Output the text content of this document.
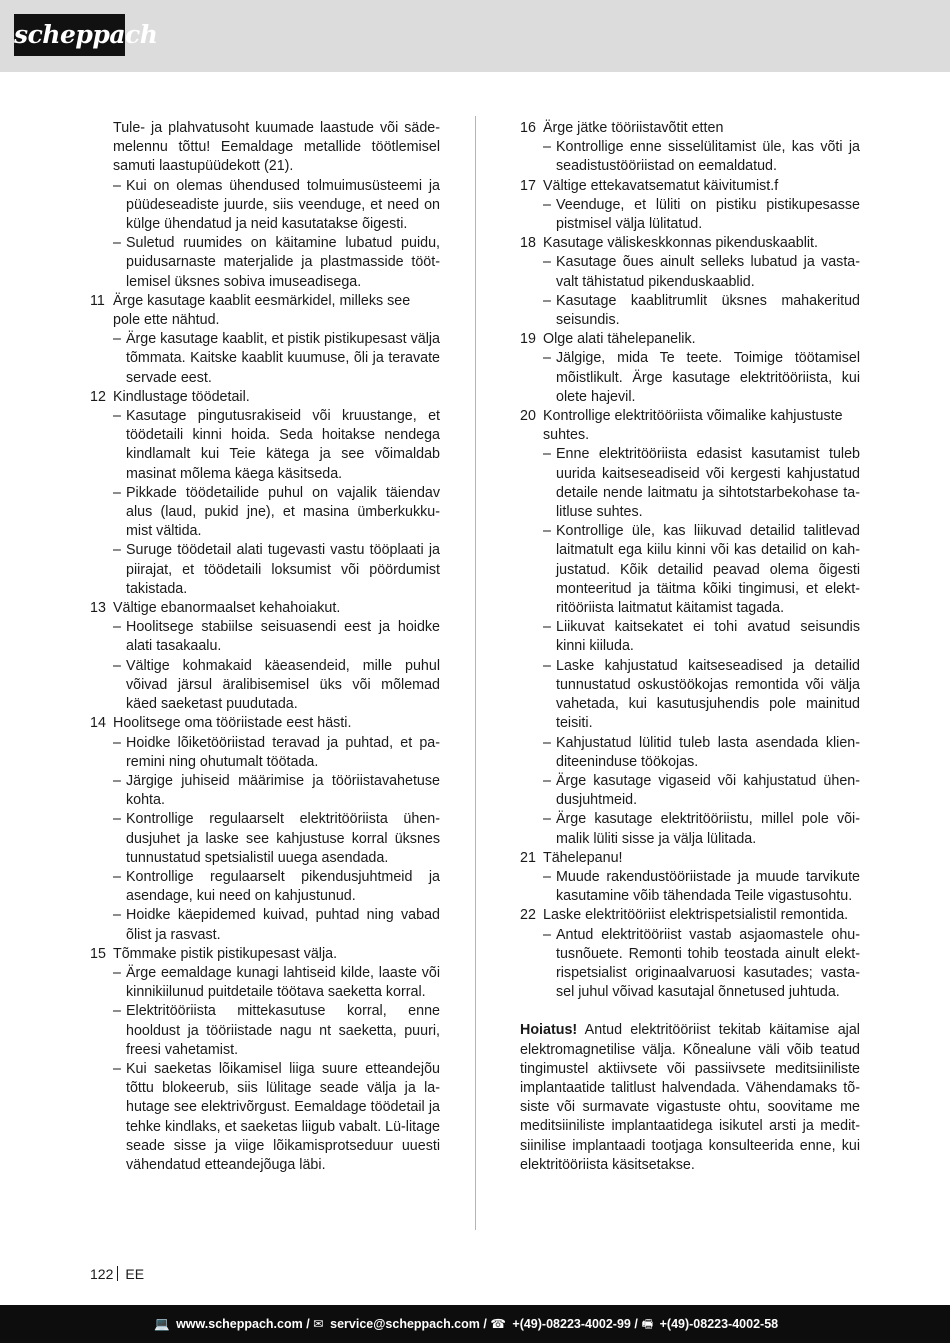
scheppach

Tule- ja plahvatusoht kuumade laastude või säde-melennu tõttu! Eemaldage metallide töötlemisel samuti laastupüüdekott (21).

– Kui on olemas ühendused tolmuimusüsteemi ja püüdeseadiste juurde, siis veenduge, et need on külge ühendatud ja neid kasutatakse õigesti.

– Suletud ruumides on käitamine lubatud puidu, puidusarnaste materjalide ja plastmasside tööt-lemisel üksnes sobiva imuseadisega.

11 Ärge kasutage kaablit eesmärkidel, milleks see pole ette nähtud.

– Ärge kasutage kaablit, et pistik pistikupesast välja tõmmata. Kaitske kaablit kuumuse, õli ja teravate servade eest.

12 Kindlustage töödetail.

– Kasutage pingutusrakiseid või kruustange, et töödetaili kinni hoida. Seda hoitakse nendega kindlamalt kui Teie kätega ja see võimaldab masinat mõlema käega käsitseda.

– Pikkade töödetailide puhul on vajalik täiendav alus (laud, pukid jne), et masina ümberkukku-mist vältida.

– Suruge töödetail alati tugevasti vastu tööplaati ja piirajat, et töödetaili loksumist või pöördumist takistada.

13 Vältige ebanormaalset kehahoiakut.

– Hoolitsege stabiilse seisuasendi eest ja hoidke alati tasakaalu.

– Vältige kohmakaid käeasendeid, mille puhul võivad järsul äralibisemisel üks või mõlemad käed saeketast puudutada.

14 Hoolitsege oma tööriistade eest hästi.

– Hoidke lõiketööriistad teravad ja puhtad, et pa-remini ning ohutumalt töötada.

– Järgige juhiseid määrimise ja tööriistavahetuse kohta.

– Kontrollige regulaarselt elektritööriista ühen-dusjuhet ja laske see kahjustuse korral üksnes tunnustatud spetsialistil uuega asendada.

– Kontrollige regulaarselt pikendusjuhtmeid ja asendage, kui need on kahjustunud.

– Hoidke käepidemed kuivad, puhtad ning vabad õlist ja rasvast.

15 Tõmmake pistik pistikupesast välja.

– Ärge eemaldage kunagi lahtiseid kilde, laaste või kinnikiilunud puitdetaile töötava saeketta korral.

– Elektritööriista mittekasutuse korral, enne hooldust ja tööriistade nagu nt saeketta, puuri, freesi vahetamist.

– Kui saeketas lõikamisel liiga suure etteandejõu tõttu blokeerub, siis lülitage seade välja ja la-hutage see elektrivõrgust. Eemaldage töödetail ja tehke kindlaks, et saeketas liigub vabalt. Lü-litage seade sisse ja viige lõikamisprotseduur uuesti vähendatud etteandejõuga läbi.

16 Ärge jätke tööriistavõtit etten

– Kontrollige enne sisselülitamist üle, kas võti ja seadistustööriistad on eemaldatud.

17 Vältige ettekavatsematut käivitumist.f

– Veenduge, et lüliti on pistiku pistikupesasse pistmisel välja lülitatud.

18 Kasutage väliskeskkonnas pikenduskaablit.

– Kasutage õues ainult selleks lubatud ja vasta-valt tähistatud pikenduskaablid.

– Kasutage kaablitrumlit üksnes mahakeritud seisundis.

19 Olge alati tähelepanelik.

– Jälgige, mida Te teete. Toimige töötamisel mõistlikult. Ärge kasutage elektritööriista, kui olete hajevil.

20 Kontrollige elektritööriista võimalike kahjustuste suhtes.

– Enne elektritööriista edasist kasutamist tuleb uurida kaitseseadiseid või kergesti kahjustatud detaile nende laitmatu ja sihtotstarbekohase ta-litluse suhtes.

– Kontrollige üle, kas liikuvad detailid talitlevad laitmatult ega kiilu kinni või kas detailid on kah-justatud. Kõik detailid peavad olema õigesti monteeritud ja täitma kõiki tingimusi, et elekt-ritööriista laitmatut käitamist tagada.

– Liikuvat kaitsekatet ei tohi avatud seisundis kinni kiiluda.

– Laske kahjustatud kaitseseadised ja detailid tunnustatud oskustöökojas remontida või välja vahetada, kui kasutusjuhendis pole mainitud teisiti.

– Kahjustatud lülitid tuleb lasta asendada klien-diteeninduse töökojas.

– Ärge kasutage vigaseid või kahjustatud ühen-dusjuhtmeid.

– Ärge kasutage elektritööriistu, millel pole või-malik lüliti sisse ja välja lülitada.

21 Tähelepanu!

– Muude rakendustööriistade ja muude tarvikute kasutamine võib tähendada Teile vigastusohtu.

22 Laske elektritööriist elektrispetsialistil remontida.

– Antud elektritööriist vastab asjaomastele ohu-tusnõuete. Remonti tohib teostada ainult elekt-rispetsialist originaalvaruosi kasutades; vasta-sel juhul võivad kasutajal õnnetused juhtuda.

Hoiatus! Antud elektritööriist tekitab käitamise ajal elektromagnetilise välja. Kõnealune väli võib teatud tingimustel aktiivsete või passiivsete meditsiiniliste implantaatide talitlust halvendada. Vähendamaks tõ-siste või surmavate vigastuste ohtu, soovitame me meditsiiniliste implantaatidega isikutel arsti ja medit-siinilise implantaadi tootjaga konsulteerida enne, kui elektritööriista käsitsetakse.

122 EE
💻 www.scheppach.com / ✉ service@scheppach.com / ☎ +(49)-08223-4002-99 / 🖷 +(49)-08223-4002-58
